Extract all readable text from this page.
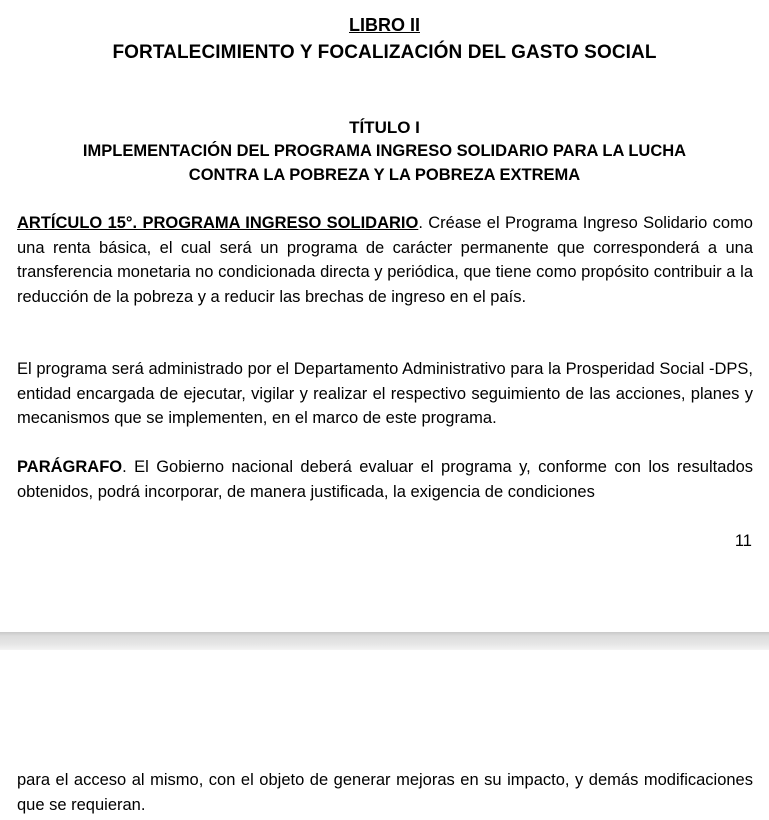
LIBRO II

FORTALECIMIENTO Y FOCALIZACIÓN DEL GASTO SOCIAL

TÍTULO I

IMPLEMENTACIÓN DEL PROGRAMA INGRESO SOLIDARIO PARA LA LUCHA

CONTRA LA POBREZA Y LA POBREZA EXTREMA

ARTÍCULO 15°. PROGRAMA INGRESO SOLIDARIO. Créase el Programa Ingreso Solidario como una renta básica, el cual será un programa de carácter permanente que corresponderá a una transferencia monetaria no condicionada directa y periódica, que tiene como propósito contribuir a la reducción de la pobreza y a reducir las brechas de ingreso en el país.

El programa será administrado por el Departamento Administrativo para la Prosperidad Social -DPS, entidad encargada de ejecutar, vigilar y realizar el respectivo seguimiento de las acciones, planes y mecanismos que se implementen, en el marco de este programa.

PARÁGRAFO. El Gobierno nacional deberá evaluar el programa y, conforme con los resultados obtenidos, podrá incorporar, de manera justificada, la exigencia de condiciones

11

para el acceso al mismo, con el objeto de generar mejoras en su impacto, y demás modificaciones que se requieran.
